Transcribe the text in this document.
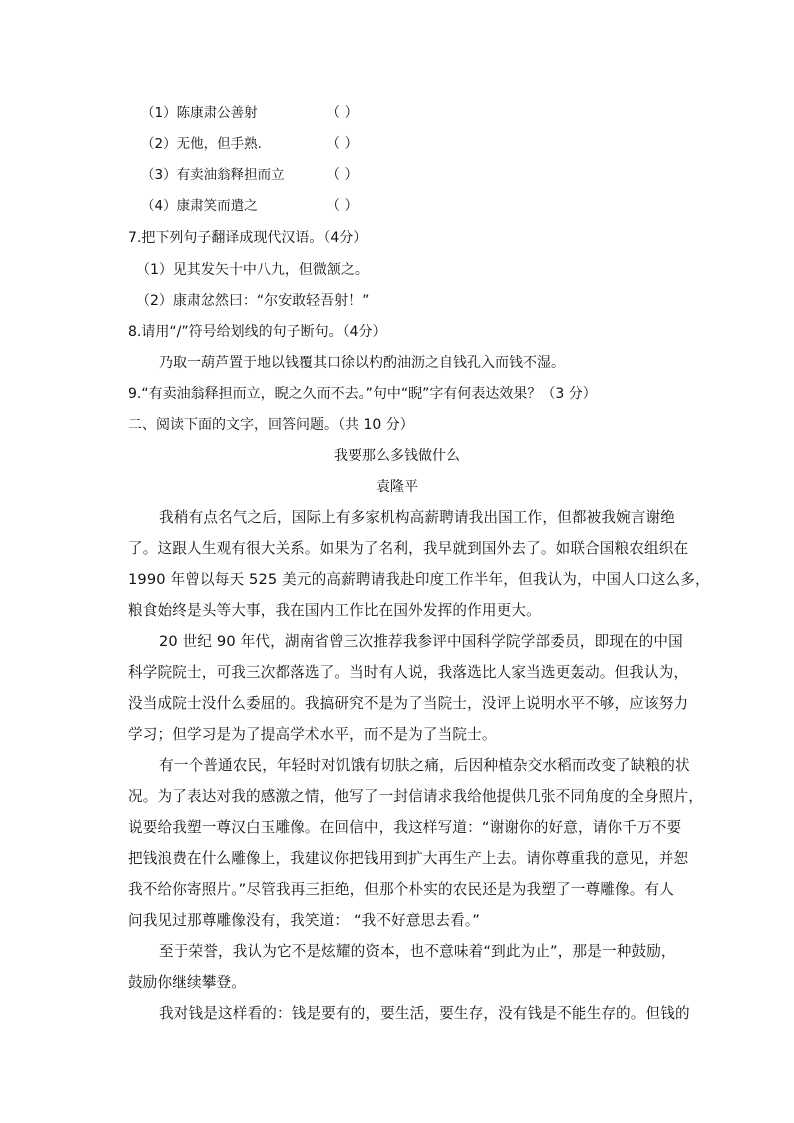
（1）陈康肃公善射	（ ）
（2）无他，但手熟.	（ ）
（3）有卖油翁释担而立	（ ）
（4）康肃笑而遣之	（ ）
7.把下列句子翻译成现代汉语。（4分）
（1）见其发矢十中八九，但微颔之。
（2）康肃忿然曰：“尔安敢轻吾射！”
8.请用“/”符号给划线的句子断句。（4分）
乃取一葫芦置于地以钱覆其口徐以杓酌油沥之自钱孔入而钱不湿。
9.“有卖油翁释担而立，睨之久而不去。”句中“睨”字有何表达效果？（3 分）
二、阅读下面的文字，回答问题。（共 10 分）
我要那么多钱做什么
袁隆平
我稍有点名气之后，国际上有多家机构高薪聘请我出国工作，但都被我婉言谢绝
了。这跟人生观有很大关系。如果为了名利，我早就到国外去了。如联合国粮农组织在
1990 年曾以每天 525 美元的高薪聘请我赴印度工作半年，但我认为，中国人口这么多，
粮食始终是头等大事，我在国内工作比在国外发挥的作用更大。
20 世纪 90 年代，湖南省曾三次推荐我参评中国科学院学部委员，即现在的中国
科学院院士，可我三次都落选了。当时有人说，我落选比人家当选更轰动。但我认为，
没当成院士没什么委屈的。我搞研究不是为了当院士，没评上说明水平不够，应该努力
学习；但学习是为了提高学术水平，而不是为了当院士。
有一个普通农民，年轻时对饥饿有切肤之痛，后因种植杂交水稻而改变了缺粮的状
况。为了表达对我的感激之情，他写了一封信请求我给他提供几张不同角度的全身照片，
说要给我塑一尊汉白玉雕像。在回信中，我这样写道：“谢谢你的好意，请你千万不要
把钱浪费在什么雕像上，我建议你把钱用到扩大再生产上去。请你尊重我的意见，并恕
我不给你寄照片。”尽管我再三拒绝，但那个朴实的农民还是为我塑了一尊雕像。有人
问我见过那尊雕像没有，我笑道： “我不好意思去看。”
至于荣誉，我认为它不是炫耀的资本，也不意味着“到此为止”，那是一种鼓励，
鼓励你继续攀登。
我对钱是这样看的：钱是要有的，要生活，要生存，没有钱是不能生存的。但钱的
